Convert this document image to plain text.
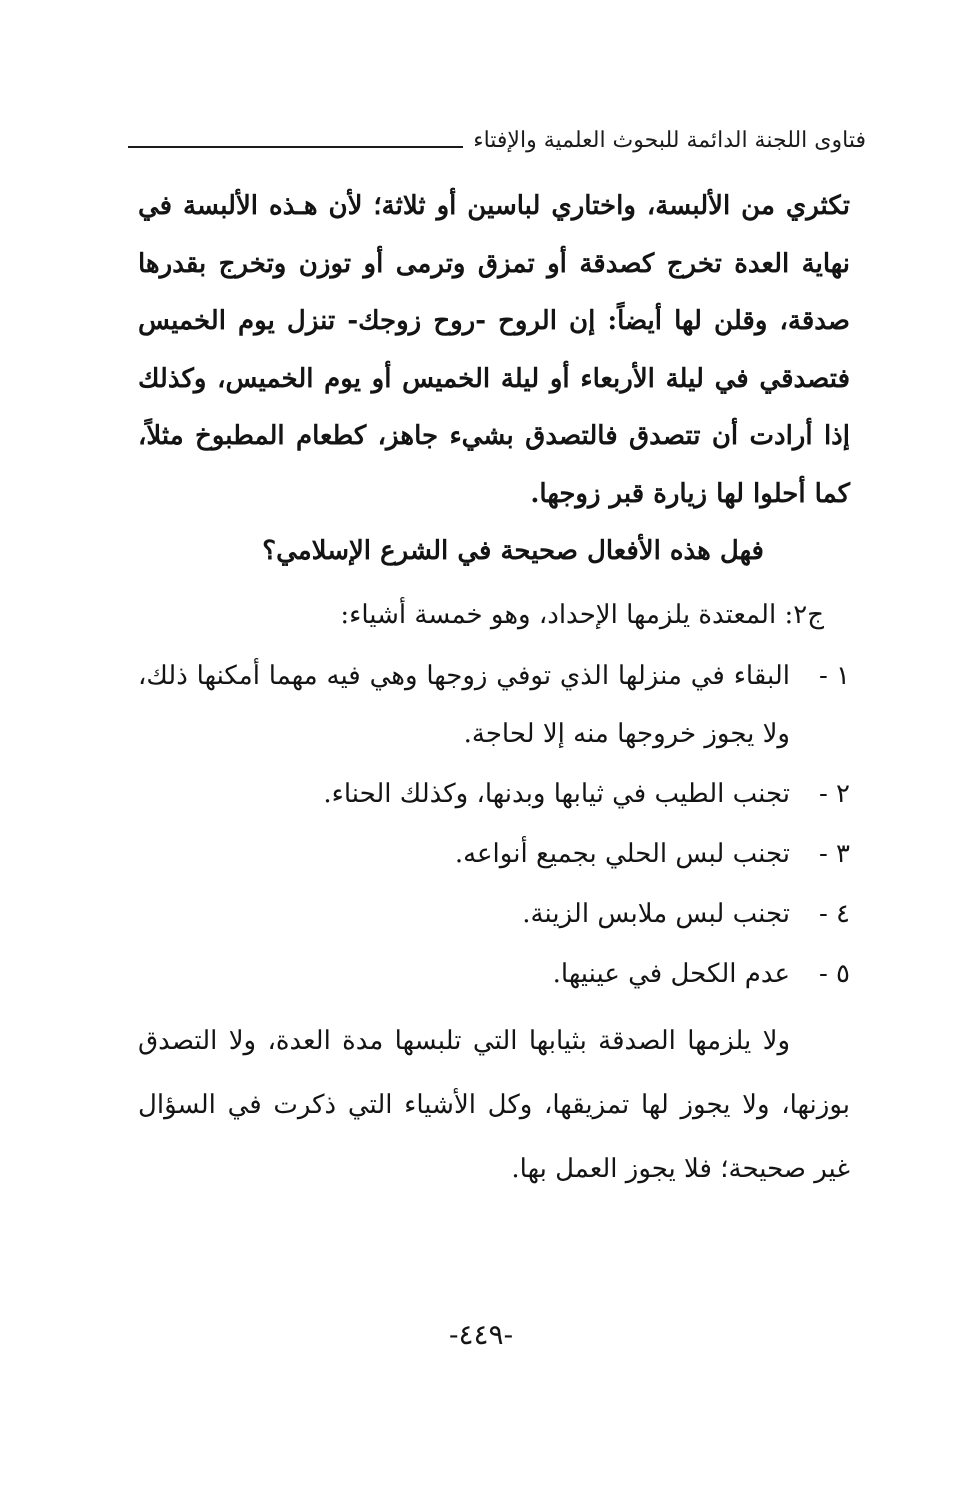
فتاوى اللجنة الدائمة للبحوث العلمية والإفتاء

تكثري من الألبسة، واختاري لباسين أو ثلاثة؛ لأن هـذه الألبسة في نهاية العدة تخرج كصدقة أو تمزق وترمى أو توزن وتخرج بقدرها صدقة، وقلن لها أيضاً: إن الروح -روح زوجك- تنزل يوم الخميس فتصدقي في ليلة الأربعاء أو ليلة الخميس أو يوم الخميس، وكذلك إذا أرادت أن تتصدق فالتصدق بشيء جاهز، كطعام المطبوخ مثلاً، كما أحلوا لها زيارة قبر زوجها.

فهل هذه الأفعال صحيحة في الشرع الإسلامي؟

ج٢: المعتدة يلزمها الإحداد، وهو خمسة أشياء:

١ -
البقاء في منزلها الذي توفي زوجها وهي فيه مهما أمكنها ذلك، ولا يجوز خروجها منه إلا لحاجة.
٢ -
تجنب الطيب في ثيابها وبدنها، وكذلك الحناء.
٣ -
تجنب لبس الحلي بجميع أنواعه.
٤ -
تجنب لبس ملابس الزينة.
٥ -
عدم الكحل في عينيها.

ولا يلزمها الصدقة بثيابها التي تلبسها مدة العدة، ولا التصدق بوزنها، ولا يجوز لها تمزيقها، وكل الأشياء التي ذكرت في السؤال غير صحيحة؛ فلا يجوز العمل بها.

-٤٤٩-
